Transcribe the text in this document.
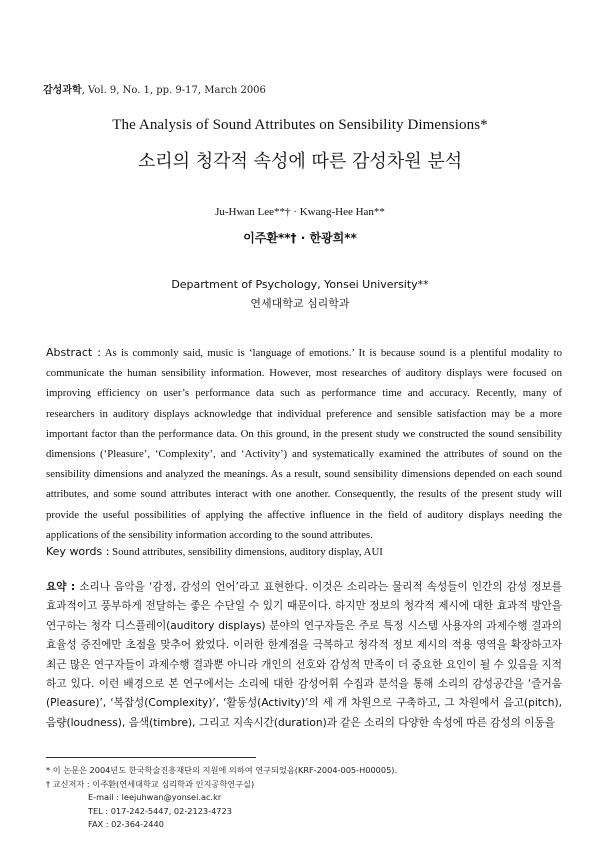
감성과학, Vol. 9, No. 1, pp. 9-17, March 2006
The Analysis of Sound Attributes on Sensibility Dimensions*
소리의 청각적 속성에 따른 감성차원 분석
Ju-Hwan Lee**† · Kwang-Hee Han**
이주환**† · 한광희**
Department of Psychology, Yonsei University**
연세대학교 심리학과
Abstract : As is commonly said, music is ‘language of emotions.’ It is because sound is a plentiful modality to communicate the human sensibility information. However, most researches of auditory displays were focused on improving efficiency on user’s performance data such as performance time and accuracy. Recently, many of researchers in auditory displays acknowledge that individual preference and sensible satisfaction may be a more important factor than the performance data. On this ground, in the present study we constructed the sound sensibility dimensions (‘Pleasure’, ‘Complexity’, and ‘Activity’) and systematically examined the attributes of sound on the sensibility dimensions and analyzed the meanings. As a result, sound sensibility dimensions depended on each sound attributes, and some sound attributes interact with one another. Consequently, the results of the present study will provide the useful possibilities of applying the affective influence in the field of auditory displays needing the applications of the sensibility information according to the sound attributes.
Key words : Sound attributes, sensibility dimensions, auditory display, AUI
요약 : 소리나 음악을 ‘감정, 감성의 언어’라고 표현한다. 이것은 소리라는 물리적 속성들이 인간의 감성 정보를 효과적이고 풍부하게 전달하는 좋은 수단일 수 있기 때문이다. 하지만 정보의 청각적 제시에 대한 효과적 방안을 연구하는 청각 디스플레이(auditory displays) 분야의 연구자들은 주로 특정 시스템 사용자의 과제수행 결과의 효율성 증진에만 초점을 맞추어 왔었다. 이러한 한계점을 극복하고 청각적 정보 제시의 적용 영역을 확장하고자 최근 많은 연구자들이 과제수행 결과뿐 아니라 개인의 선호와 감성적 만족이 더 중요한 요인이 될 수 있음을 지적하고 있다. 이런 배경으로 본 연구에서는 소리에 대한 감성어휘 수집과 분석을 통해 소리의 감성공간을 ‘즐거움(Pleasure)’, ‘복잡성(Complexity)’, ‘활동성(Activity)’의 세 개 차원으로 구축하고, 그 차원에서 음고(pitch), 음량(loudness), 음색(timbre), 그리고 지속시간(duration)과 같은 소리의 다양한 속성에 따른 감성의 이동을
* 이 논문은 2004년도 한국학술진흥재단의 지원에 의하여 연구되었음(KRF-2004-005-H00005).
† 교신저자 : 이주환(연세대학교 심리학과 인지공학연구실)
E-mail : leejuhwan@yonsei.ac.kr
TEL : 017-242-5447, 02-2123-4723
FAX : 02-364-2440
